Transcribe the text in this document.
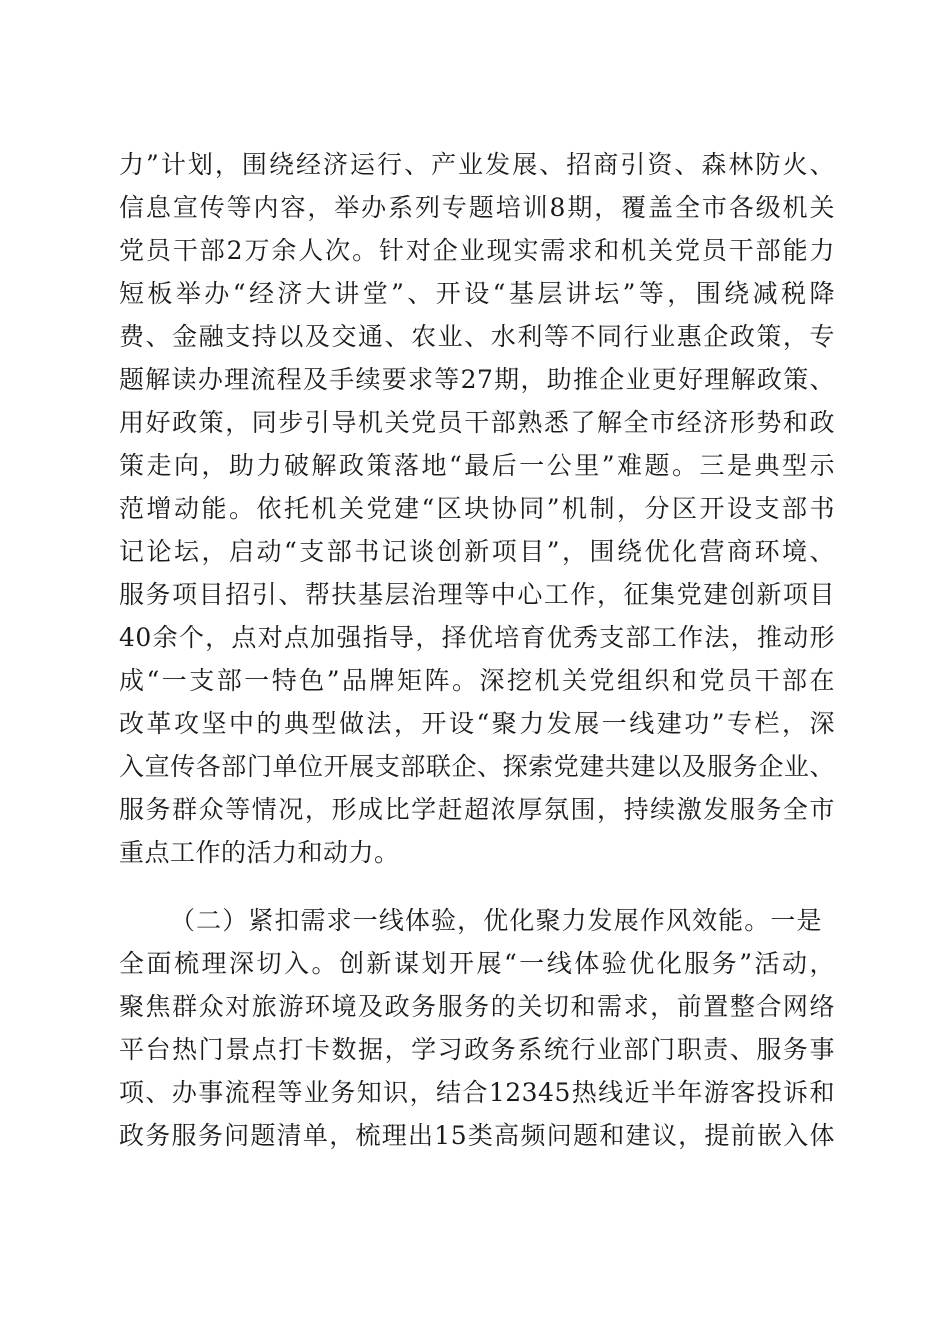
力”计划，围绕经济运行、产业发展、招商引资、森林防火、
信息宣传等内容，举办系列专题培训8期，覆盖全市各级机关
党员干部2万余人次。针对企业现实需求和机关党员干部能力
短板举办“经济大讲堂”、开设“基层讲坛”等，围绕减税降
费、金融支持以及交通、农业、水利等不同行业惠企政策，专
题解读办理流程及手续要求等27期，助推企业更好理解政策、
用好政策，同步引导机关党员干部熟悉了解全市经济形势和政
策走向，助力破解政策落地“最后一公里”难题。三是典型示
范增动能。依托机关党建“区块协同”机制，分区开设支部书
记论坛，启动“支部书记谈创新项目”，围绕优化营商环境、
服务项目招引、帮扶基层治理等中心工作，征集党建创新项目
40余个，点对点加强指导，择优培育优秀支部工作法，推动形
成“一支部一特色”品牌矩阵。深挖机关党组织和党员干部在
改革攻坚中的典型做法，开设“聚力发展一线建功”专栏，深
入宣传各部门单位开展支部联企、探索党建共建以及服务企业、
服务群众等情况，形成比学赶超浓厚氛围，持续激发服务全市
重点工作的活力和动力。
（二）紧扣需求一线体验，优化聚力发展作风效能。一是
全面梳理深切入。创新谋划开展“一线体验优化服务”活动，
聚焦群众对旅游环境及政务服务的关切和需求，前置整合网络
平台热门景点打卡数据，学习政务系统行业部门职责、服务事
项、办事流程等业务知识，结合12345热线近半年游客投诉和
政务服务问题清单，梳理出15类高频问题和建议，提前嵌入体
